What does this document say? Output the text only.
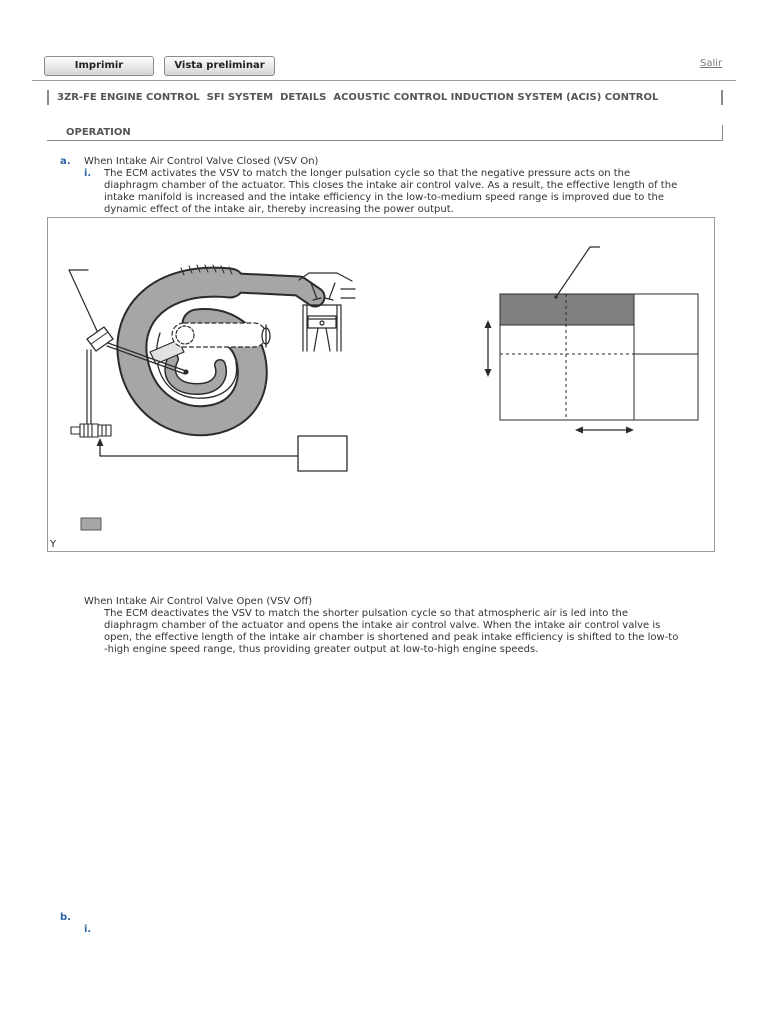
Imprimir	Vista preliminar	Salir
3ZR-FE ENGINE CONTROL SFI SYSTEM DETAILS ACOUSTIC CONTROL INDUCTION SYSTEM (ACIS) CONTROL
OPERATION
a. When Intake Air Control Valve Closed (VSV On)
i. The ECM activates the VSV to match the longer pulsation cycle so that the negative pressure acts on the
diaphragm chamber of the actuator. This closes the intake air control valve. As a result, the effective length of the
intake manifold is increased and the intake efficiency in the low-to-medium speed range is improved due to the
dynamic effect of the intake air, thereby increasing the power output.
Y
When Intake Air Control Valve Open (VSV Off)
The ECM deactivates the VSV to match the shorter pulsation cycle so that atmospheric air is led into the
diaphragm chamber of the actuator and opens the intake air control valve. When the intake air control valve is
open, the effective length of the intake air chamber is shortened and peak intake efficiency is shifted to the low-to
-high engine speed range, thus providing greater output at low-to-high engine speeds.
b.
i.
